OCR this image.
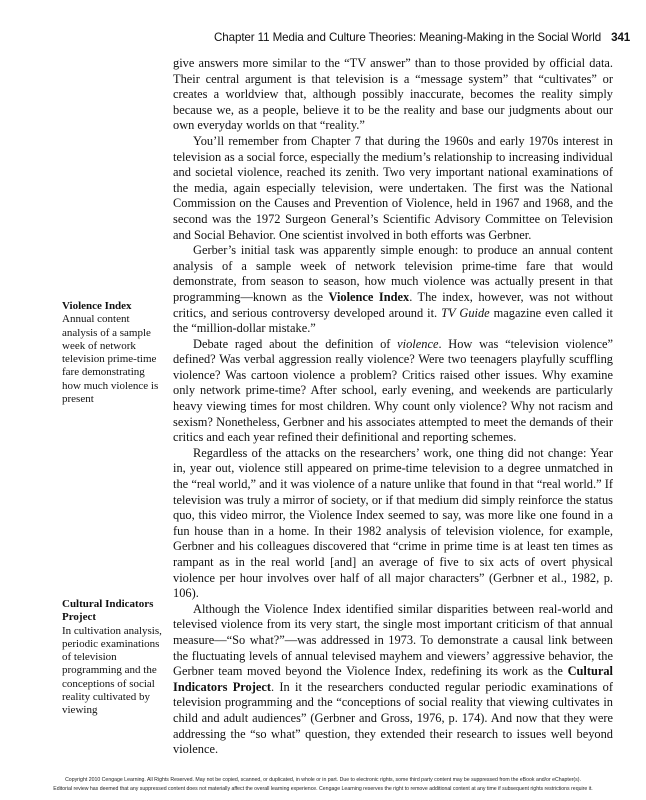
Chapter 11 Media and Culture Theories: Meaning-Making in the Social World 341

give answers more similar to the “TV answer” than to those provided by official data. Their central argument is that television is a “message system” that “cultivates” or creates a worldview that, although possibly inaccurate, becomes the reality simply because we, as a people, believe it to be the reality and base our judgments about our own everyday worlds on that “reality.”

You’ll remember from Chapter 7 that during the 1960s and early 1970s interest in television as a social force, especially the medium’s relationship to increasing individual and societal violence, reached its zenith. Two very important national examinations of the media, again especially television, were undertaken. The first was the National Commission on the Causes and Prevention of Violence, held in 1967 and 1968, and the second was the 1972 Surgeon General’s Scientific Advisory Committee on Television and Social Behavior. One scientist involved in both efforts was Gerbner.

Gerber’s initial task was apparently simple enough: to produce an annual content analysis of a sample week of network television prime-time fare that would demonstrate, from season to season, how much violence was actually present in that programming—known as the Violence Index. The index, however, was not without critics, and serious controversy developed around it. TV Guide magazine even called it the “million-dollar mistake.”

Debate raged about the definition of violence. How was “television violence” defined? Was verbal aggression really violence? Were two teenagers playfully scuffling violence? Was cartoon violence a problem? Critics raised other issues. Why examine only network prime-time? After school, early evening, and weekends are particularly heavy viewing times for most children. Why count only violence? Why not racism and sexism? Nonetheless, Gerbner and his associates attempted to meet the demands of their critics and each year refined their definitional and reporting schemes.

Regardless of the attacks on the researchers’ work, one thing did not change: Year in, year out, violence still appeared on prime-time television to a degree unmatched in the “real world,” and it was violence of a nature unlike that found in that “real world.” If television was truly a mirror of society, or if that medium did simply reinforce the status quo, this video mirror, the Violence Index seemed to say, was more like one found in a fun house than in a home. In their 1982 analysis of television violence, for example, Gerbner and his colleagues discovered that “crime in prime time is at least ten times as rampant as in the real world [and] an average of five to six acts of overt physical violence per hour involves over half of all major characters” (Gerbner et al., 1982, p. 106).

Although the Violence Index identified similar disparities between real-world and televised violence from its very start, the single most important criticism of that annual measure—“So what?”—was addressed in 1973. To demonstrate a causal link between the fluctuating levels of annual televised mayhem and viewers’ aggressive behavior, the Gerbner team moved beyond the Violence Index, redefining its work as the Cultural Indicators Project. In it the researchers conducted regular periodic examinations of television programming and the “conceptions of social reality that viewing cultivates in child and adult audiences” (Gerbner and Gross, 1976, p. 174). And now that they were addressing the “so what” question, they extended their research to issues well beyond violence.

Violence Index
Annual content analysis of a sample week of network television prime-time fare demonstrating how much violence is present
Cultural Indicators Project
In cultivation analysis, periodic examinations of television programming and the conceptions of social reality cultivated by viewing
Copyright 2010 Cengage Learning. All Rights Reserved. May not be copied, scanned, or duplicated, in whole or in part. Due to electronic rights, some third party content may be suppressed from the eBook and/or eChapter(s).
Editorial review has deemed that any suppressed content does not materially affect the overall learning experience. Cengage Learning reserves the right to remove additional content at any time if subsequent rights restrictions require it.
